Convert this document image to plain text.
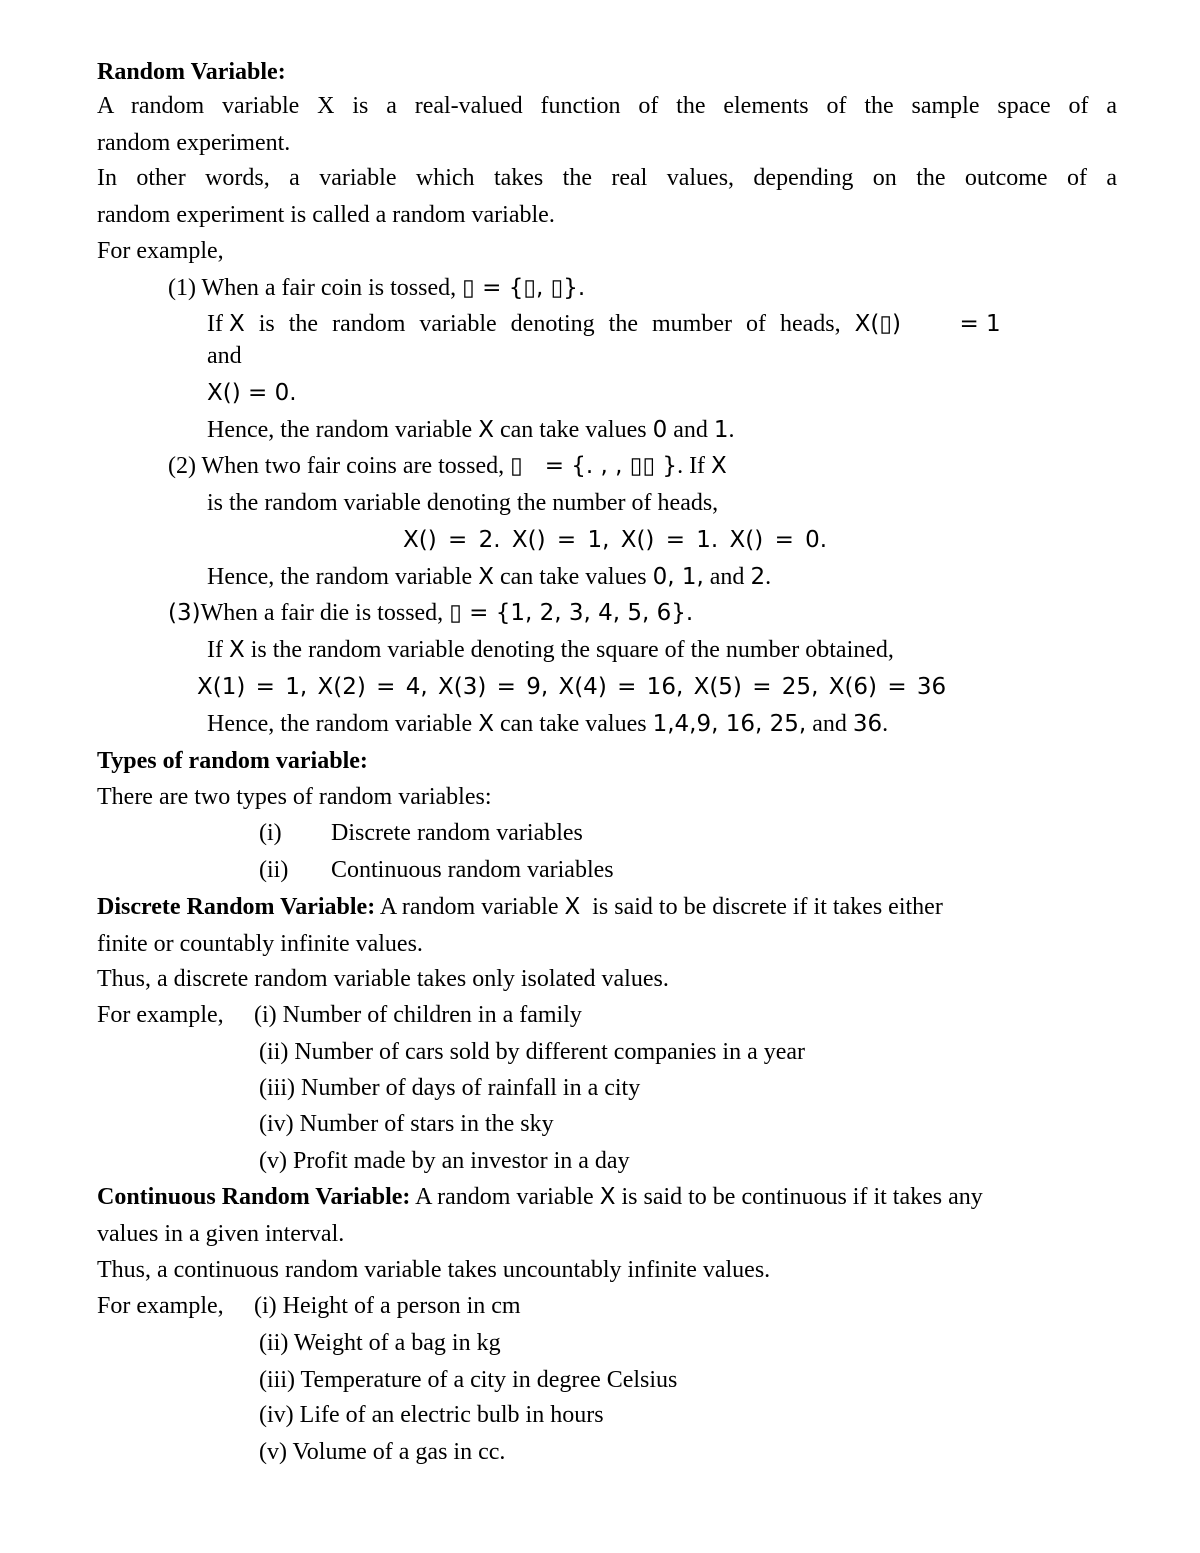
Random Variable:
A random variable X is a real-valued function of the elements of the sample space of a
random experiment.
In other words, a variable which takes the real values, depending on the outcome of a
random experiment is called a random variable.
For example,
(1) When a fair coin is tossed, ▯ = {▯, ▯}.
If X is the random variable denoting the mumber of heads, X(▯)        = 1
and
X() = 0.
Hence, the random variable X can take values 0 and 1.
(2) When two fair coins are tossed, ▯   = {. , , ▯▯ }. If X
is the random variable denoting the number of heads,
X() = 2. X() = 1, X() = 1. X() = 0.
Hence, the random variable X can take values 0, 1, and 2.
(3)When a fair die is tossed, ▯ = {1, 2, 3, 4, 5, 6}.
If X is the random variable denoting the square of the number obtained,
X(1) = 1, X(2) = 4, X(3) = 9, X(4) = 16, X(5) = 25, X(6) = 36
Hence, the random variable X can take values 1,4,9, 16, 25, and 36.
Types of random variable:
There are two types of random variables:
(i) Discrete random variables
(ii) Continuous random variables
Discrete Random Variable: A random variable X  is said to be discrete if it takes either
finite or countably infinite values.
Thus, a discrete random variable takes only isolated values.
For example, (i) Number of children in a family
(ii) Number of cars sold by different companies in a year
(iii) Number of days of rainfall in a city
(iv) Number of stars in the sky
(v) Profit made by an investor in a day
Continuous Random Variable: A random variable X is said to be continuous if it takes any
values in a given interval.
Thus, a continuous random variable takes uncountably infinite values.
For example, (i) Height of a person in cm
(ii) Weight of a bag in kg
(iii) Temperature of a city in degree Celsius
(iv) Life of an electric bulb in hours
(v) Volume of a gas in cc.
